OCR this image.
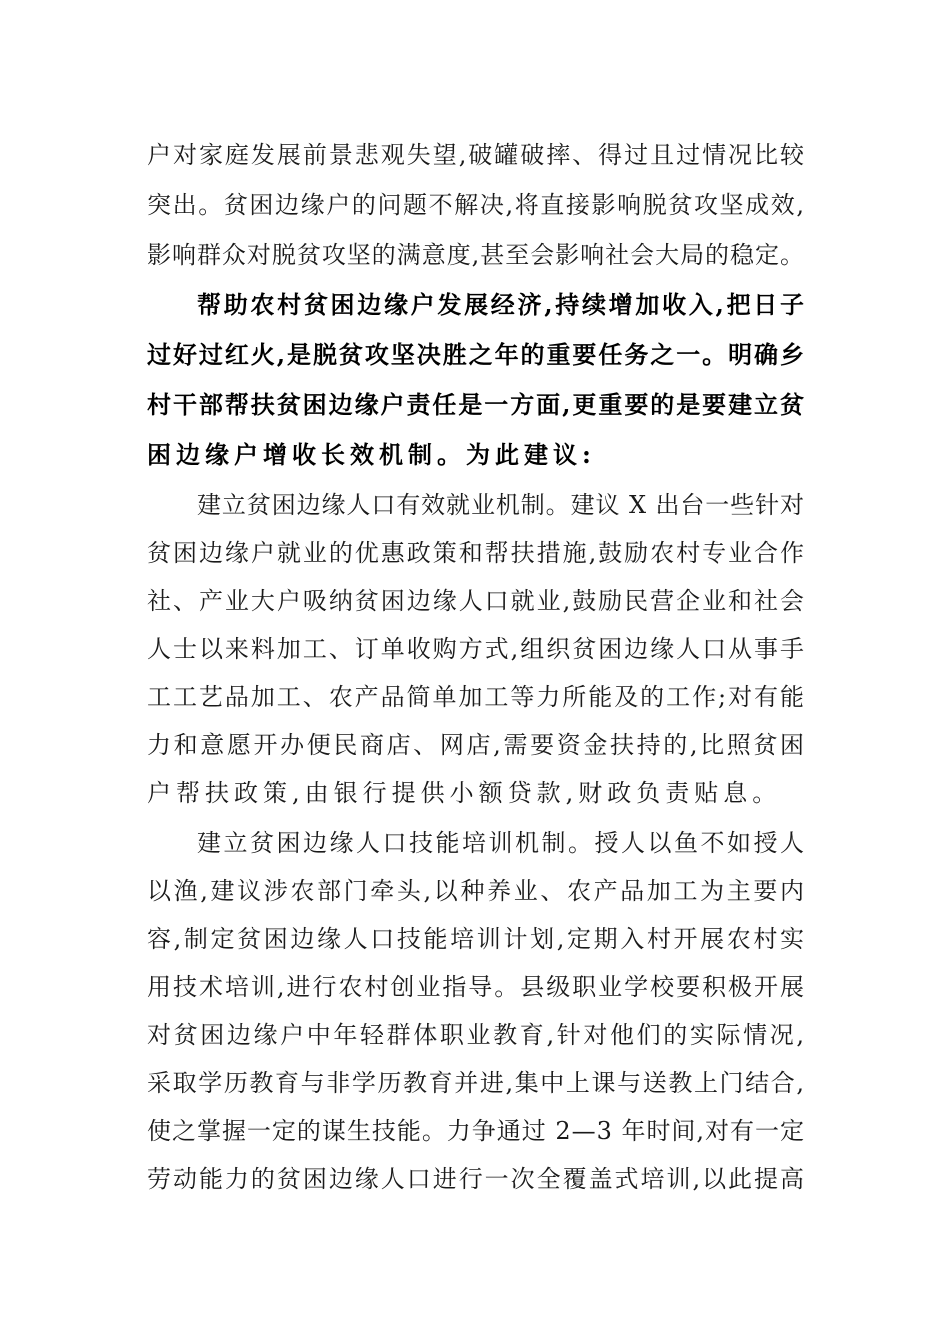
户对家庭发展前景悲观失望,破罐破摔、得过且过情况比较
突出。贫困边缘户的问题不解决,将直接影响脱贫攻坚成效,
影响群众对脱贫攻坚的满意度,甚至会影响社会大局的稳定。
帮助农村贫困边缘户发展经济,持续增加收入,把日子
过好过红火,是脱贫攻坚决胜之年的重要任务之一。明确乡
村干部帮扶贫困边缘户责任是一方面,更重要的是要建立贫
困边缘户增收长效机制。为此建议:
建立贫困边缘人口有效就业机制。建议 X 出台一些针对
贫困边缘户就业的优惠政策和帮扶措施,鼓励农村专业合作
社、产业大户吸纳贫困边缘人口就业,鼓励民营企业和社会
人士以来料加工、订单收购方式,组织贫困边缘人口从事手
工工艺品加工、农产品简单加工等力所能及的工作;对有能
力和意愿开办便民商店、网店,需要资金扶持的,比照贫困
户帮扶政策,由银行提供小额贷款,财政负责贴息。
建立贫困边缘人口技能培训机制。授人以鱼不如授人
以渔,建议涉农部门牵头,以种养业、农产品加工为主要内
容,制定贫困边缘人口技能培训计划,定期入村开展农村实
用技术培训,进行农村创业指导。县级职业学校要积极开展
对贫困边缘户中年轻群体职业教育,针对他们的实际情况,
采取学历教育与非学历教育并进,集中上课与送教上门结合,
使之掌握一定的谋生技能。力争通过 2—3 年时间,对有一定
劳动能力的贫困边缘人口进行一次全覆盖式培训,以此提高
